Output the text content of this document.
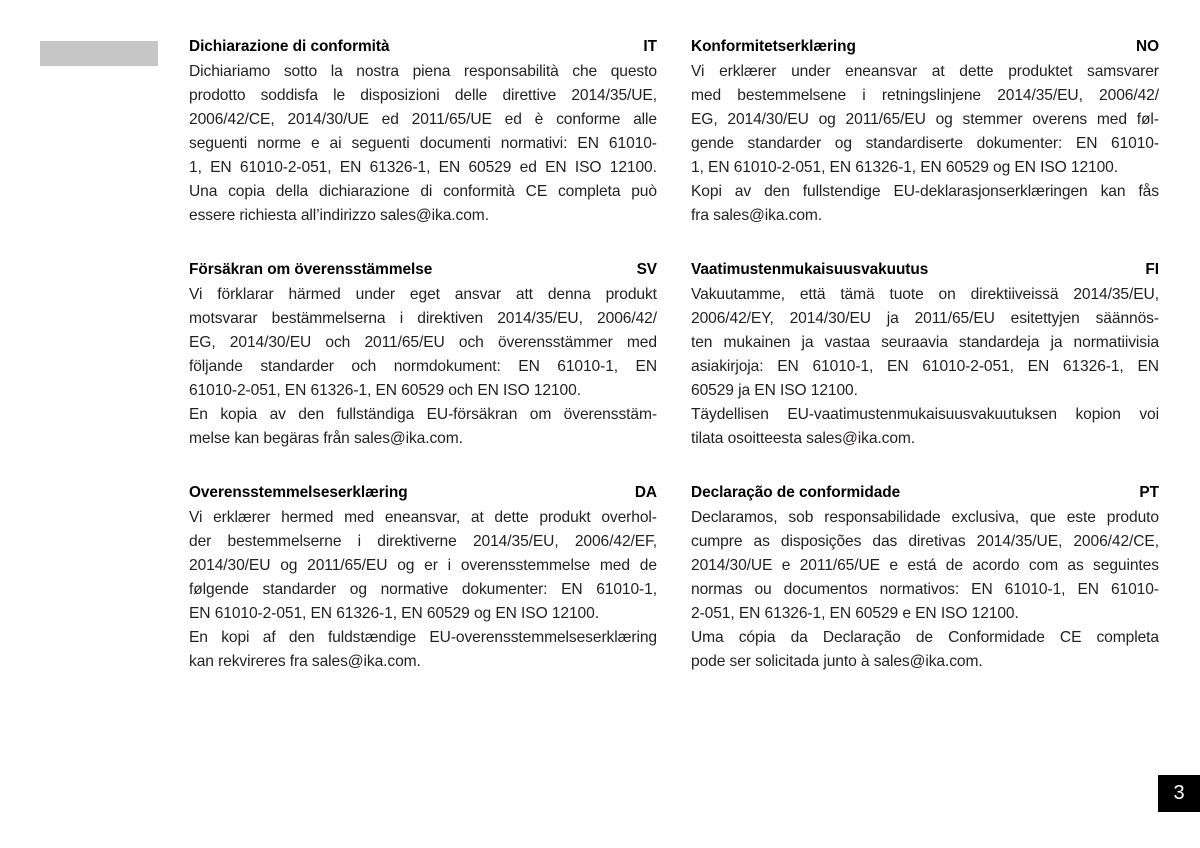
Dichiarazione di conformità	IT
Dichiariamo sotto la nostra piena responsabilità che questo
prodotto soddisfa le disposizioni delle direttive 2014/35/UE,
2006/42/CE, 2014/30/UE ed 2011/65/UE ed è conforme alle
seguenti norme e ai seguenti documenti normativi: EN 61010-
1, EN 61010-2-051, EN 61326-1, EN 60529 ed EN ISO 12100.
Una copia della dichiarazione di conformità CE completa può
essere richiesta all’indirizzo sales@ika.com.
Försäkran om överensstämmelse	SV
Vi förklarar härmed under eget ansvar att denna produkt
motsvarar bestämmelserna i direktiven 2014/35/EU, 2006/42/
EG, 2014/30/EU och 2011/65/EU och överensstämmer med
följande standarder och normdokument: EN 61010-1, EN
61010-2-051, EN 61326-1, EN 60529 och EN ISO 12100.
En kopia av den fullständiga EU-försäkran om överensstäm-
melse kan begäras från sales@ika.com.
Overensstemmelseserklæring	DA
Vi erklærer hermed med eneansvar, at dette produkt overhol-
der bestemmelserne i direktiverne 2014/35/EU, 2006/42/EF,
2014/30/EU og 2011/65/EU og er i overensstemmelse med de
følgende standarder og normative dokumenter: EN 61010-1,
EN 61010-2-051, EN 61326-1, EN 60529 og EN ISO 12100.
En kopi af den fuldstændige EU-overensstemmelseserklæring
kan rekvireres fra sales@ika.com.
Konformitetserklæring	NO
Vi erklærer under eneansvar at dette produktet samsvarer
med bestemmelsene i retningslinjene 2014/35/EU, 2006/42/
EG, 2014/30/EU og 2011/65/EU og stemmer overens med føl-
gende standarder og standardiserte dokumenter: EN 61010-
1, EN 61010-2-051, EN 61326-1, EN 60529 og EN ISO 12100.
Kopi av den fullstendige EU-deklarasjonserklæringen kan fås
fra sales@ika.com.
Vaatimustenmukaisuusvakuutus	FI
Vakuutamme, että tämä tuote on direktiiveissä 2014/35/EU,
2006/42/EY, 2014/30/EU ja 2011/65/EU esitettyjen säännös-
ten mukainen ja vastaa seuraavia standardeja ja normatiivisia
asiakirjoja: EN 61010-1, EN 61010-2-051, EN 61326-1, EN
60529 ja EN ISO 12100.
Täydellisen EU-vaatimustenmukaisuusvakuutuksen kopion voi
tilata osoitteesta sales@ika.com.
Declaração de conformidade	PT
Declaramos, sob responsabilidade exclusiva, que este produto
cumpre as disposições das diretivas 2014/35/UE, 2006/42/CE,
2014/30/UE e 2011/65/UE e está de acordo com as seguintes
normas ou documentos normativos: EN 61010-1, EN 61010-
2-051, EN 61326-1, EN 60529 e EN ISO 12100.
Uma cópia da Declaração de Conformidade CE completa
pode ser solicitada junto à sales@ika.com.
3
